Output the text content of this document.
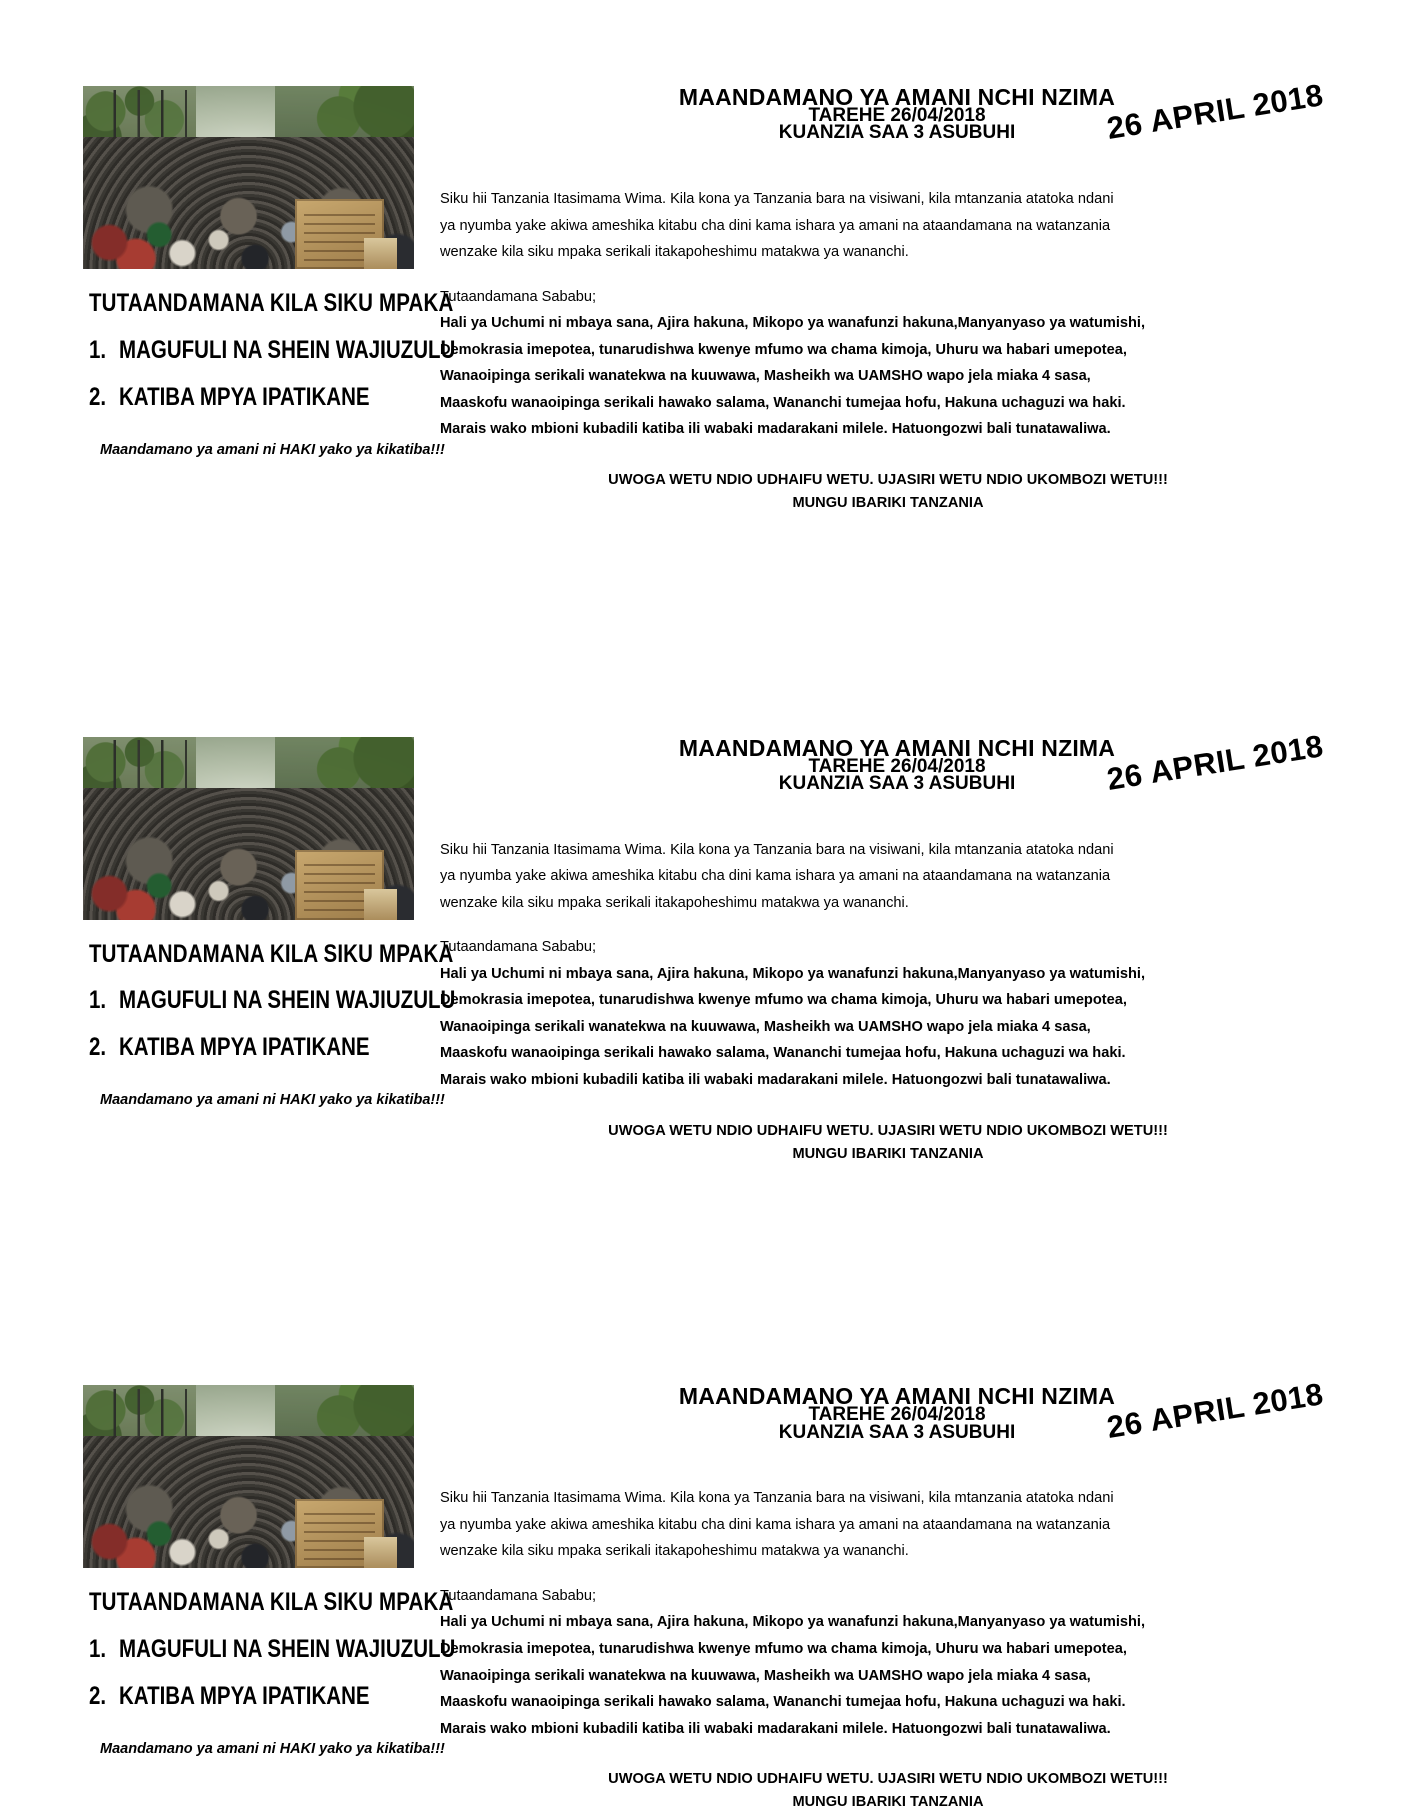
TUTAANDAMANA KILA SIKU MPAKA
1. MAGUFULI NA SHEIN WAJIUZULU
2. KATIBA MPYA IPATIKANE
Maandamano ya amani ni HAKI yako ya kikatiba!!!
MAANDAMANO YA AMANI NCHI NZIMA
TAREHE 26/04/2018
KUANZIA SAA 3 ASUBUHI	26 APRIL 2018
Siku hii Tanzania Itasimama Wima. Kila kona ya Tanzania bara na visiwani, kila mtanzania atatoka ndani
ya nyumba yake akiwa ameshika kitabu cha dini kama ishara ya amani na ataandamana na watanzania
wenzake kila siku mpaka serikali itakapoheshimu matakwa ya wananchi.
Tutaandamana Sababu;
Hali ya Uchumi ni mbaya sana, Ajira hakuna, Mikopo ya wanafunzi hakuna,Manyanyaso ya watumishi,
Demokrasia imepotea, tunarudishwa kwenye mfumo wa chama kimoja, Uhuru wa habari umepotea,
Wanaoipinga serikali wanatekwa na kuuwawa, Masheikh wa UAMSHO wapo jela miaka 4 sasa,
Maaskofu wanaoipinga serikali hawako salama, Wananchi tumejaa hofu, Hakuna uchaguzi wa haki.
Marais wako mbioni kubadili katiba ili wabaki madarakani milele. Hatuongozwi bali tunatawaliwa.
UWOGA WETU NDIO UDHAIFU WETU. UJASIRI WETU NDIO UKOMBOZI WETU!!!
MUNGU IBARIKI TANZANIA
TUTAANDAMANA KILA SIKU MPAKA
1. MAGUFULI NA SHEIN WAJIUZULU
2. KATIBA MPYA IPATIKANE
Maandamano ya amani ni HAKI yako ya kikatiba!!!
MAANDAMANO YA AMANI NCHI NZIMA
TAREHE 26/04/2018
KUANZIA SAA 3 ASUBUHI	26 APRIL 2018
Siku hii Tanzania Itasimama Wima. Kila kona ya Tanzania bara na visiwani, kila mtanzania atatoka ndani
ya nyumba yake akiwa ameshika kitabu cha dini kama ishara ya amani na ataandamana na watanzania
wenzake kila siku mpaka serikali itakapoheshimu matakwa ya wananchi.
Tutaandamana Sababu;
Hali ya Uchumi ni mbaya sana, Ajira hakuna, Mikopo ya wanafunzi hakuna,Manyanyaso ya watumishi,
Demokrasia imepotea, tunarudishwa kwenye mfumo wa chama kimoja, Uhuru wa habari umepotea,
Wanaoipinga serikali wanatekwa na kuuwawa, Masheikh wa UAMSHO wapo jela miaka 4 sasa,
Maaskofu wanaoipinga serikali hawako salama, Wananchi tumejaa hofu, Hakuna uchaguzi wa haki.
Marais wako mbioni kubadili katiba ili wabaki madarakani milele. Hatuongozwi bali tunatawaliwa.
UWOGA WETU NDIO UDHAIFU WETU. UJASIRI WETU NDIO UKOMBOZI WETU!!!
MUNGU IBARIKI TANZANIA
TUTAANDAMANA KILA SIKU MPAKA
1. MAGUFULI NA SHEIN WAJIUZULU
2. KATIBA MPYA IPATIKANE
Maandamano ya amani ni HAKI yako ya kikatiba!!!
MAANDAMANO YA AMANI NCHI NZIMA
TAREHE 26/04/2018
KUANZIA SAA 3 ASUBUHI	26 APRIL 2018
Siku hii Tanzania Itasimama Wima. Kila kona ya Tanzania bara na visiwani, kila mtanzania atatoka ndani
ya nyumba yake akiwa ameshika kitabu cha dini kama ishara ya amani na ataandamana na watanzania
wenzake kila siku mpaka serikali itakapoheshimu matakwa ya wananchi.
Tutaandamana Sababu;
Hali ya Uchumi ni mbaya sana, Ajira hakuna, Mikopo ya wanafunzi hakuna,Manyanyaso ya watumishi,
Demokrasia imepotea, tunarudishwa kwenye mfumo wa chama kimoja, Uhuru wa habari umepotea,
Wanaoipinga serikali wanatekwa na kuuwawa, Masheikh wa UAMSHO wapo jela miaka 4 sasa,
Maaskofu wanaoipinga serikali hawako salama, Wananchi tumejaa hofu, Hakuna uchaguzi wa haki.
Marais wako mbioni kubadili katiba ili wabaki madarakani milele. Hatuongozwi bali tunatawaliwa.
UWOGA WETU NDIO UDHAIFU WETU. UJASIRI WETU NDIO UKOMBOZI WETU!!!
MUNGU IBARIKI TANZANIA
